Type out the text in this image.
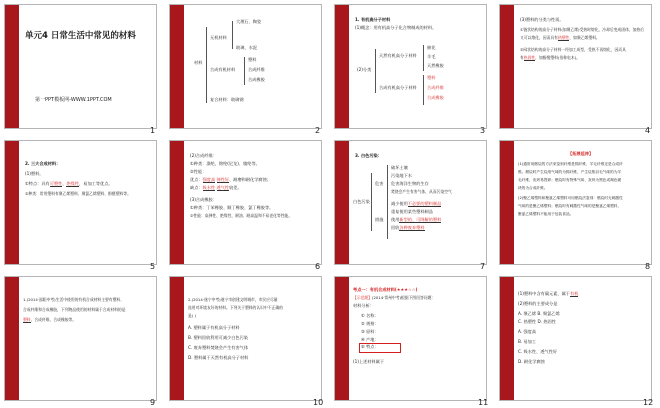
单元4 日常生活中常见的材料
第一PPT模板网-WWW.1PPT.COM
1
材料
无机材料
大理石、陶瓷
玻璃、水泥
合成有机材料
塑料
合成纤维
合成橡胶
复合材料：玻璃钢
2
1. 有机高分子材料
(1)概念：用有机高分子化合物制成的材料。
(2)分类
天然有机高分子材料
棉花
羊毛
天然橡胶
合成有机高分子材料
塑料
合成纤维
合成橡胶
3
(3)塑料的分类与性质。
①链状结构的高分子材料(如聚乙烯)受热时熔化，冷却后变成固体，加热后
又可以熔化，因而具有热塑性，如聚乙烯塑料。
②网状结构的高分子材料一经加工成型，受热不再熔化，因而具
有热固性，如酚醛塑料(俗称电木)。
4
2. 三大合成材料：
(1)塑料。
①特点：具有可塑性、绝缘性，易加工等优点。
②种类：常用塑料有聚乙烯塑料、聚氯乙烯塑料、酚醛塑料等。
5
(2)合成纤维：
①种类：涤纶、锦纶(尼龙)、腈纶等。
②性能：
优点：强度高 弹性好、耐磨和耐化学腐蚀；
缺点：吸水性 透气性较差。
(3)合成橡胶：
①种类：丁苯橡胶、顺丁橡胶、氯丁橡胶等。
②性能：高弹性、绝缘性、耐油、耐高温和不易老化等性能。
6
3. 白色污染：
白色污染
危害
破坏土壤
污染地下水
危害海洋生物的生存
焚烧会产生有害气体，从而污染空气
措施
减少使用不必要的塑料制品
重复使用某些塑料制品
使用新型的、可降解的塑料
回收各种废弃塑料
7
【拓展延伸】
(1)通常用燃烧的方法来鉴别纤维是棉纤维、羊毛纤维还是合成纤
维。燃烧时产生烧纸气味的为棉纤维，产生烧焦羽毛气味的为羊
毛纤维，灰烬易捏碎；燃烧时有特殊气味、灰烬为黑色或褐色硬
块的为合成纤维。
(2)聚乙烯塑料和聚氯乙烯塑料可用燃烧法鉴别：燃烧时无刺激性
气味的是聚乙烯塑料；燃烧时有刺激性气味的是聚氯乙烯塑料，
聚氯乙烯塑料不能用于包装食品。
8
1.(2014·邵阳中考)生活中使用的有机合成材料主要有塑料、
合成纤维和合成橡胶，下列物品使用的材料属于合成材料的是
塑料，合成纤维、合成橡胶等。
9
2.(2014·遂宁中考)遂宁市创建文明城市，市民应尽量
选用对环境友好的材料。下列关于塑料的认识中不正确的
是( )
A. 塑料属于有机高分子材料
B. 塑料回收利用可减少白色污染
C. 废弃塑料焚烧会产生有害气体
D. 塑料属于天然有机高分子材料
10
考点一：有机合成材料(★★★☆☆)
【示范题】(2014·常州中考)根据下图回答问题：
材料分析：
① 名称：
② 规格：
③ 原料：
④ 产地：
⑤ 特点：
(1)上述材料属于
11
(1)塑料中含有碳元素，属于有机
(2)塑料的主要成分是
A. 聚乙烯 B. 聚氯乙烯
C. 热塑性 D. 热固性
A. 强度高
B. 易加工
C. 吸水性、透气性好
D. 耐化学腐蚀
12
